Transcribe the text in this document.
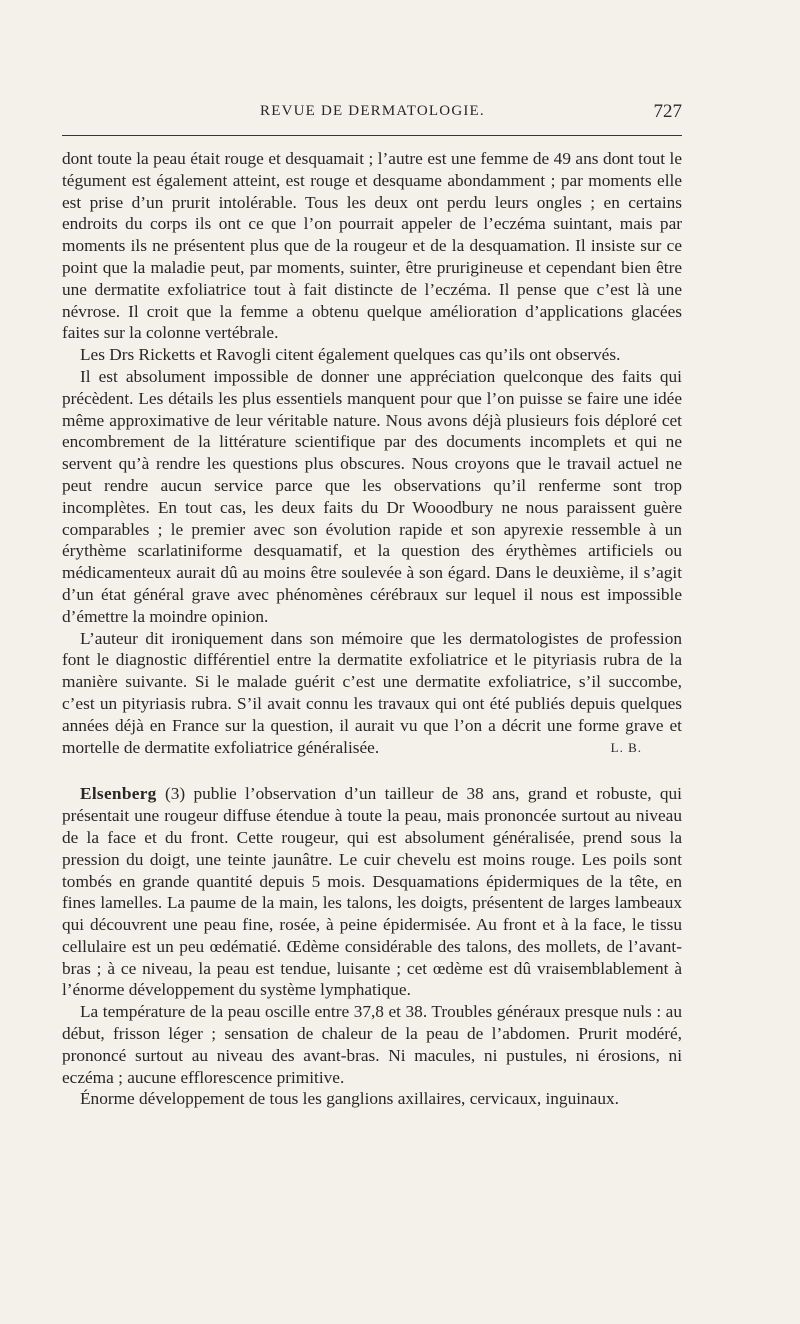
REVUE DE DERMATOLOGIE.	727

dont toute la peau était rouge et desquamait ; l’autre est une femme de 49 ans dont tout le tégument est également atteint, est rouge et desquame abondamment ; par moments elle est prise d’un prurit intolérable. Tous les deux ont perdu leurs ongles ; en certains endroits du corps ils ont ce que l’on pourrait appeler de l’eczéma suintant, mais par moments ils ne présentent plus que de la rougeur et de la desquamation. Il insiste sur ce point que la maladie peut, par moments, suinter, être prurigineuse et cependant bien être une dermatite exfoliatrice tout à fait distincte de l’eczéma. Il pense que c’est là une névrose. Il croit que la femme a obtenu quelque amélioration d’applications glacées faites sur la colonne vertébrale.

Les Drs Ricketts et Ravogli citent également quelques cas qu’ils ont observés.

Il est absolument impossible de donner une appréciation quelconque des faits qui précèdent. Les détails les plus essentiels manquent pour que l’on puisse se faire une idée même approximative de leur véritable nature. Nous avons déjà plusieurs fois déploré cet encombrement de la littérature scientifique par des documents incomplets et qui ne servent qu’à rendre les questions plus obscures. Nous croyons que le travail actuel ne peut rendre aucun service parce que les observations qu’il renferme sont trop incomplètes. En tout cas, les deux faits du Dr Wooodbury ne nous paraissent guère comparables ; le premier avec son évolution rapide et son apyrexie ressemble à un érythème scarlatiniforme desquamatif, et la question des érythèmes artificiels ou médicamenteux aurait dû au moins être soulevée à son égard. Dans le deuxième, il s’agit d’un état général grave avec phénomènes cérébraux sur lequel il nous est impossible d’émettre la moindre opinion.

L’auteur dit ironiquement dans son mémoire que les dermatologistes de profession font le diagnostic différentiel entre la dermatite exfoliatrice et le pityriasis rubra de la manière suivante. Si le malade guérit c’est une dermatite exfoliatrice, s’il succombe, c’est un pityriasis rubra. S’il avait connu les travaux qui ont été publiés depuis quelques années déjà en France sur la question, il aurait vu que l’on a décrit une forme grave et mortelle de dermatite exfoliatrice généralisée.	L. B.

Elsenberg (3) publie l’observation d’un tailleur de 38 ans, grand et robuste, qui présentait une rougeur diffuse étendue à toute la peau, mais prononcée surtout au niveau de la face et du front. Cette rougeur, qui est absolument généralisée, prend sous la pression du doigt, une teinte jaunâtre. Le cuir chevelu est moins rouge. Les poils sont tombés en grande quantité depuis 5 mois. Desquamations épidermiques de la tête, en fines lamelles. La paume de la main, les talons, les doigts, présentent de larges lambeaux qui découvrent une peau fine, rosée, à peine épidermisée. Au front et à la face, le tissu cellulaire est un peu œdématié. Œdème considérable des talons, des mollets, de l’avant-bras ; à ce niveau, la peau est tendue, luisante ; cet œdème est dû vraisemblablement à l’énorme développement du système lymphatique.

La température de la peau oscille entre 37,8 et 38. Troubles généraux presque nuls : au début, frisson léger ; sensation de chaleur de la peau de l’abdomen. Prurit modéré, prononcé surtout au niveau des avant-bras. Ni macules, ni pustules, ni érosions, ni eczéma ; aucune efflorescence primitive.

Énorme développement de tous les ganglions axillaires, cervicaux, inguinaux.
